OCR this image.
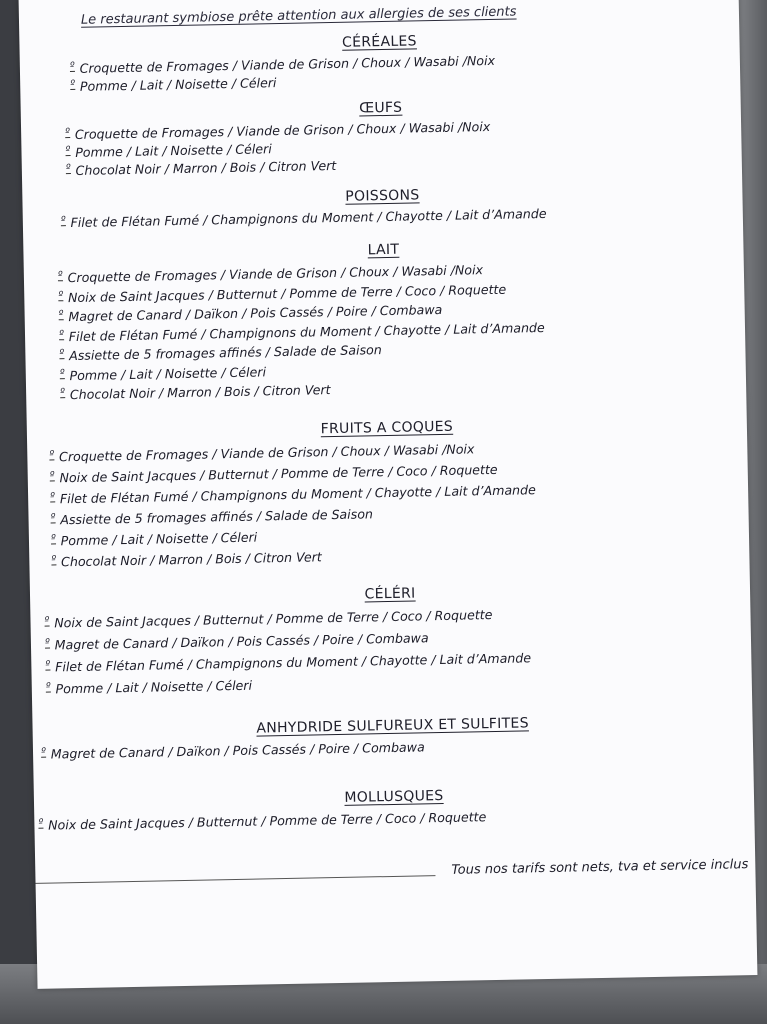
Le restaurant symbiose prête attention aux allergies de ses clients
Tous nos tarifs sont nets, tva et service inclus
CÉRÉALES
º Croquette de Fromages / Viande de Grison / Choux / Wasabi /Noix
º Pomme / Lait / Noisette / Céleri
ŒUFS
º Croquette de Fromages / Viande de Grison / Choux / Wasabi /Noix
º Pomme / Lait / Noisette / Céleri
º Chocolat Noir / Marron / Bois / Citron Vert
POISSONS
º Filet de Flétan Fumé / Champignons du Moment / Chayotte / Lait d’Amande
LAIT
º Croquette de Fromages / Viande de Grison / Choux / Wasabi /Noix
º Noix de Saint Jacques / Butternut / Pomme de Terre / Coco / Roquette
º Magret de Canard / Daïkon / Pois Cassés / Poire / Combawa
º Filet de Flétan Fumé / Champignons du Moment / Chayotte / Lait d’Amande
º Assiette de 5 fromages affinés / Salade de Saison
º Pomme / Lait / Noisette / Céleri
º Chocolat Noir / Marron / Bois / Citron Vert
FRUITS A COQUES
º Croquette de Fromages / Viande de Grison / Choux / Wasabi /Noix
º Noix de Saint Jacques / Butternut / Pomme de Terre / Coco / Roquette
º Filet de Flétan Fumé / Champignons du Moment / Chayotte / Lait d’Amande
º Assiette de 5 fromages affinés / Salade de Saison
º Pomme / Lait / Noisette / Céleri
º Chocolat Noir / Marron / Bois / Citron Vert
CÉLÉRI
º Noix de Saint Jacques / Butternut / Pomme de Terre / Coco / Roquette
º Magret de Canard / Daïkon / Pois Cassés / Poire / Combawa
º Filet de Flétan Fumé / Champignons du Moment / Chayotte / Lait d’Amande
º Pomme / Lait / Noisette / Céleri
ANHYDRIDE SULFUREUX ET SULFITES
º Magret de Canard / Daïkon / Pois Cassés / Poire / Combawa
MOLLUSQUES
º Noix de Saint Jacques / Butternut / Pomme de Terre / Coco / Roquette
